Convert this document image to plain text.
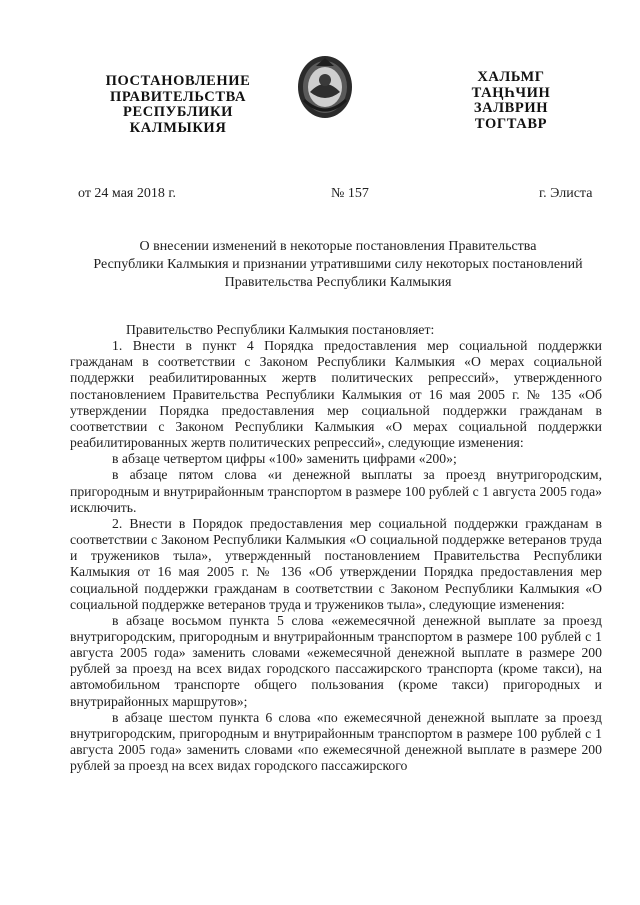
ПОСТАНОВЛЕНИЕ
ПРАВИТЕЛЬСТВА
РЕСПУБЛИКИ
КАЛМЫКИЯ
ХАЛЬМГ
ТАҢҺЧИН
ЗАЛВРИН
ТОГТАВР
от 24 мая 2018 г.	№ 157	г. Элиста
О внесении изменений в некоторые постановления Правительства
Республики Калмыкия и признании утратившими силу некоторых постановлений
Правительства Республики Калмыкия

Правительство Республики Калмыкия постановляет:

1. Внести в пункт 4 Порядка предоставления мер социальной поддержки гражданам в соответствии с Законом Республики Калмыкия «О мерах социальной поддержки реабилитированных жертв политических репрессий», утвержденного постановлением Правительства Республики Калмыкия от 16 мая 2005 г. № 135 «Об утверждении Порядка предоставления мер социальной поддержки гражданам в соответствии с Законом Республики Калмыкия «О мерах социальной поддержки реабилитированных жертв политических репрессий», следующие изменения:

в абзаце четвертом цифры «100» заменить цифрами «200»;

в абзаце пятом слова «и денежной выплаты за проезд внутригородским, пригородным и внутрирайонным транспортом в размере 100 рублей с 1 августа 2005 года» исключить.

2. Внести в Порядок предоставления мер социальной поддержки гражданам в соответствии с Законом Республики Калмыкия «О социальной поддержке ветеранов труда и тружеников тыла», утвержденный постановлением Правительства Республики Калмыкия от 16 мая 2005 г. № 136 «Об утверждении Порядка предоставления мер социальной поддержки гражданам в соответствии с Законом Республики Калмыкия «О социальной поддержке ветеранов труда и тружеников тыла», следующие изменения:

в абзаце восьмом пункта 5 слова «ежемесячной денежной выплате за проезд внутригородским, пригородным и внутрирайонным транспортом в размере 100 рублей с 1 августа 2005 года» заменить словами «ежемесячной денежной выплате в размере 200 рублей за проезд на всех видах городского пассажирского транспорта (кроме такси), на автомобильном транспорте общего пользования (кроме такси) пригородных и внутрирайонных маршрутов»;

в абзаце шестом пункта 6 слова «по ежемесячной денежной выплате за проезд внутригородским, пригородным и внутрирайонным транспортом в размере 100 рублей с 1 августа 2005 года» заменить словами «по ежемесячной денежной выплате в размере 200 рублей за проезд на всех видах городского пассажирского
